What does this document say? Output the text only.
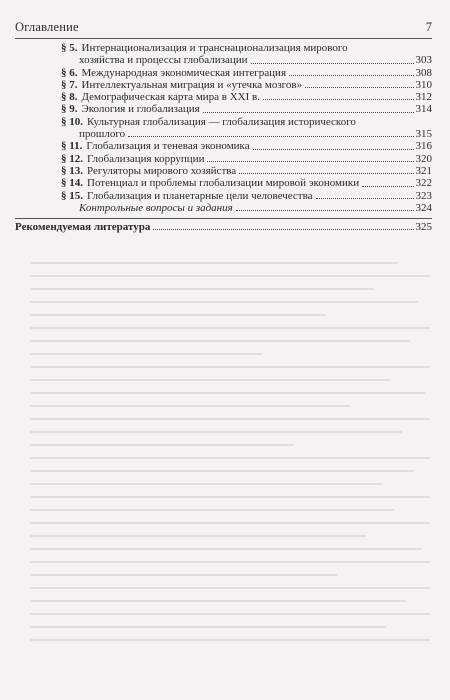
Оглавление	7
§ 5. Интернационализация и транснационализация мирового
хозяйства и процессы глобализации	303
§ 6. Международная экономическая интеграция	308
§ 7. Интеллектуальная миграция и «утечка мозгов»	310
§ 8. Демографическая карта мира в XXI в.	312
§ 9. Экология и глобализация	314
§ 10. Культурная глобализация — глобализация исторического
прошлого	315
§ 11. Глобализация и теневая экономика	316
§ 12. Глобализация коррупции	320
§ 13. Регуляторы мирового хозяйства	321
§ 14. Потенциал и проблемы глобализации мировой экономики	322
§ 15. Глобализация и планетарные цели человечества	323
Контрольные вопросы и задания	324
Рекомендуемая литература	325
